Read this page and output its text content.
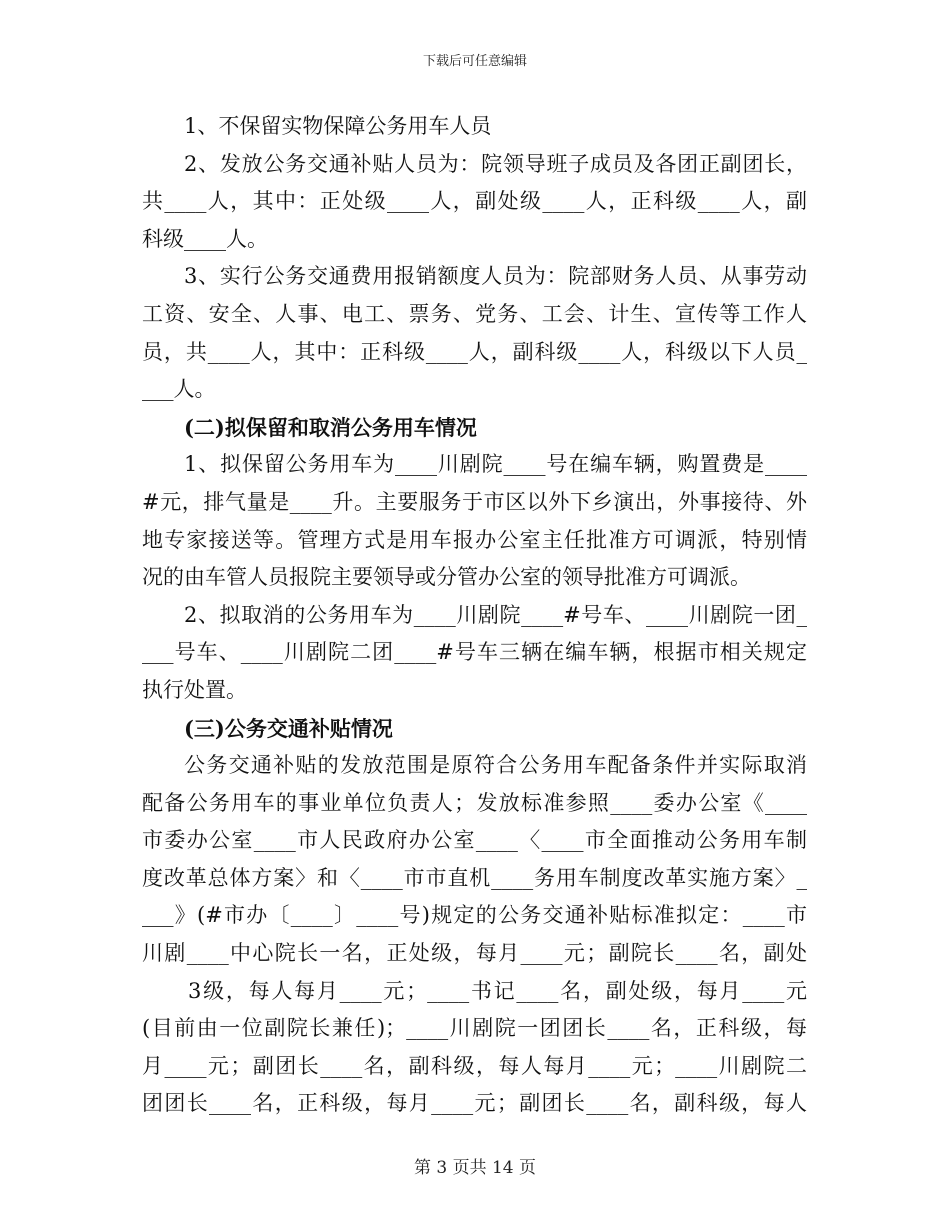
下载后可任意编辑
1、不保留实物保障公务用车人员
2、发放公务交通补贴人员为：院领导班子成员及各团正副团长，
共____人，其中：正处级____人，副处级____人，正科级____人，副
科级____人。
3、实行公务交通费用报销额度人员为：院部财务人员、从事劳动
工资、安全、人事、电工、票务、党务、工会、计生、宣传等工作人
员，共____人，其中：正科级____人，副科级____人，科级以下人员_
___人。
(二)拟保留和取消公务用车情况
1、拟保留公务用车为____川剧院____号在编车辆，购置费是____
#元，排气量是____升。主要服务于市区以外下乡演出，外事接待、外
地专家接送等。管理方式是用车报办公室主任批准方可调派，特别情
况的由车管人员报院主要领导或分管办公室的领导批准方可调派。
2、拟取消的公务用车为____川剧院____#号车、____川剧院一团_
___号车、____川剧院二团____#号车三辆在编车辆，根据市相关规定
执行处置。
(三)公务交通补贴情况
公务交通补贴的发放范围是原符合公务用车配备条件并实际取消
配备公务用车的事业单位负责人；发放标准参照____委办公室《____
市委办公室____市人民政府办公室____〈____市全面推动公务用车制
度改革总体方案〉和〈____市市直机____务用车制度改革实施方案〉_
___》(#市办〔____〕____号)规定的公务交通补贴标准拟定：____市
川剧____中心院长一名，正处级，每月____元；副院长____名，副处
3级，每人每月____元；____书记____名，副处级，每月____元
(目前由一位副院长兼任)；____川剧院一团团长____名，正科级，每
月____元；副团长____名，副科级，每人每月____元；____川剧院二
团团长____名，正科级，每月____元；副团长____名，副科级，每人
第 3 页共 14 页
